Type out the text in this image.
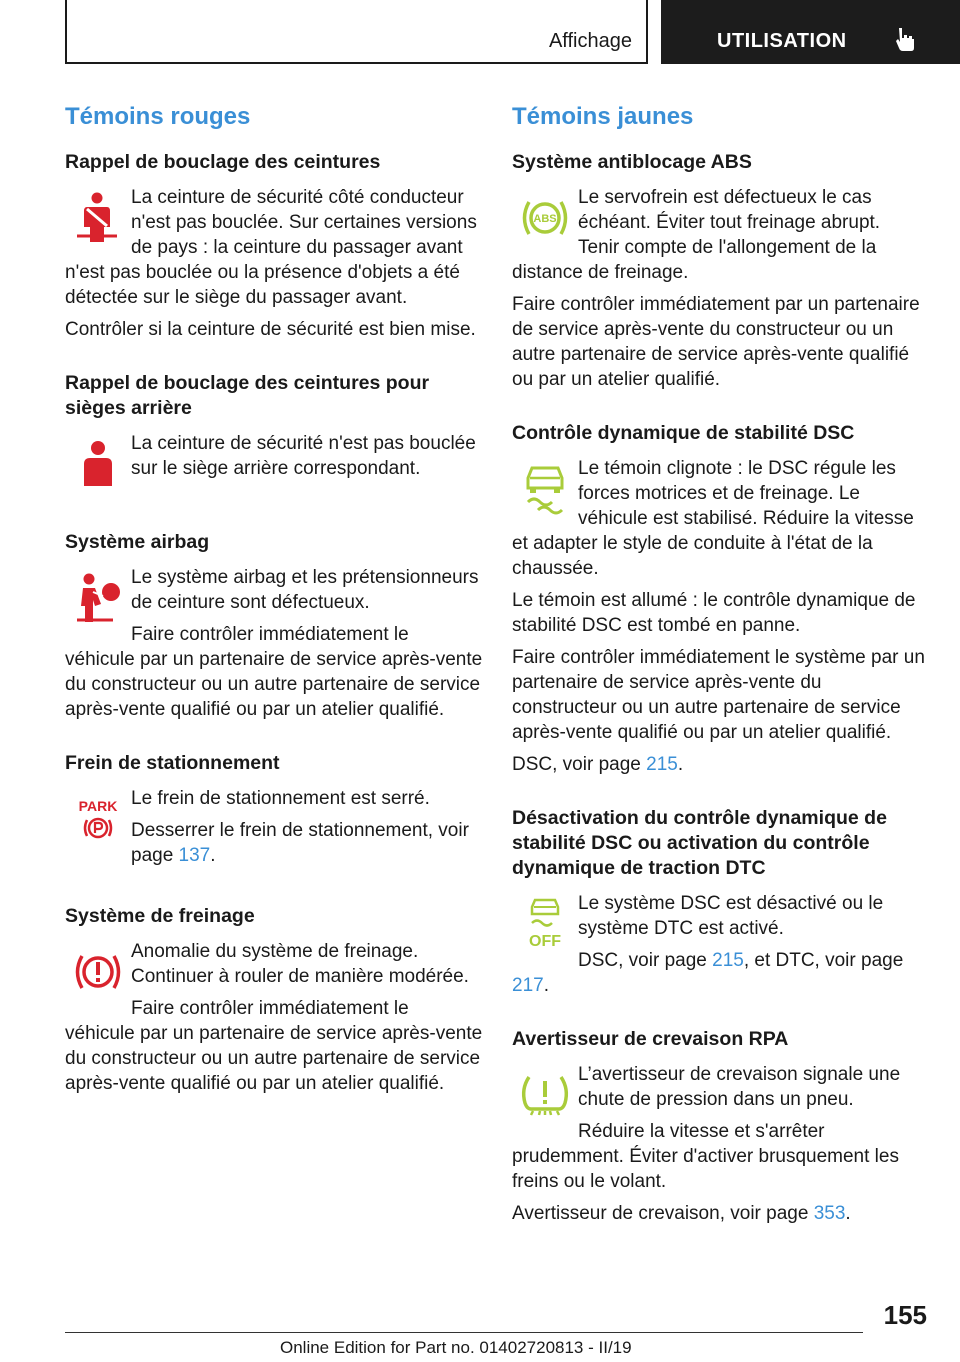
Affichage	UTILISATION
Témoins rouges
Rappel de bouclage des ceintures

La ceinture de sécurité côté conducteur n'est pas bouclée. Sur certaines versions de pays : la ceinture du passager avant n'est pas bouclée ou la présence d'objets a été détectée sur le siège du passager avant.

Contrôler si la ceinture de sécurité est bien mise.

Rappel de bouclage des ceintures pour sièges arrière

La ceinture de sécurité n'est pas bouclée sur le siège arrière correspondant.

Système airbag

Le système airbag et les prétensionneurs de ceinture sont défectueux.

Faire contrôler immédiatement le véhicule par un partenaire de service après-vente du constructeur ou un autre partenaire de service après-vente qualifié ou par un atelier qualifié.

Frein de stationnement
PARK Le frein de stationnement est serré.

Desserrer le frein de stationnement, voir page 137.

Système de freinage

Anomalie du système de freinage. Continuer à rouler de manière modérée.

Faire contrôler immédiatement le véhicule par un partenaire de service après-vente du constructeur ou un autre partenaire de service après-vente qualifié ou par un atelier qualifié.

Témoins jaunes
Système antiblocage ABS
ABS

Le servofrein est défectueux le cas échéant. Éviter tout freinage abrupt. Tenir compte de l'allongement de la distance de freinage.

Faire contrôler immédiatement par un partenaire de service après-vente du constructeur ou un autre partenaire de service après-vente qualifié ou par un atelier qualifié.

Contrôle dynamique de stabilité DSC

Le témoin clignote : le DSC régule les forces motrices et de freinage. Le véhicule est stabilisé. Réduire la vitesse et adapter le style de conduite à l'état de la chaussée.

Le témoin est allumé : le contrôle dynamique de stabilité DSC est tombé en panne.

Faire contrôler immédiatement le système par un partenaire de service après-vente du constructeur ou un autre partenaire de service après-vente qualifié ou par un atelier qualifié.

DSC, voir page 215.

Désactivation du contrôle dynamique de stabilité DSC ou activation du contrôle dynamique de traction DTC
OFF

Le système DSC est désactivé ou le système DTC est activé.

DSC, voir page 215, et DTC, voir page 217.

Avertisseur de crevaison RPA

L’avertisseur de crevaison signale une chute de pression dans un pneu.

Réduire la vitesse et s'arrêter prudemment. Éviter d'activer brusquement les freins ou le volant.

Avertisseur de crevaison, voir page 353.

155
Online Edition for Part no. 01402720813 - II/19
